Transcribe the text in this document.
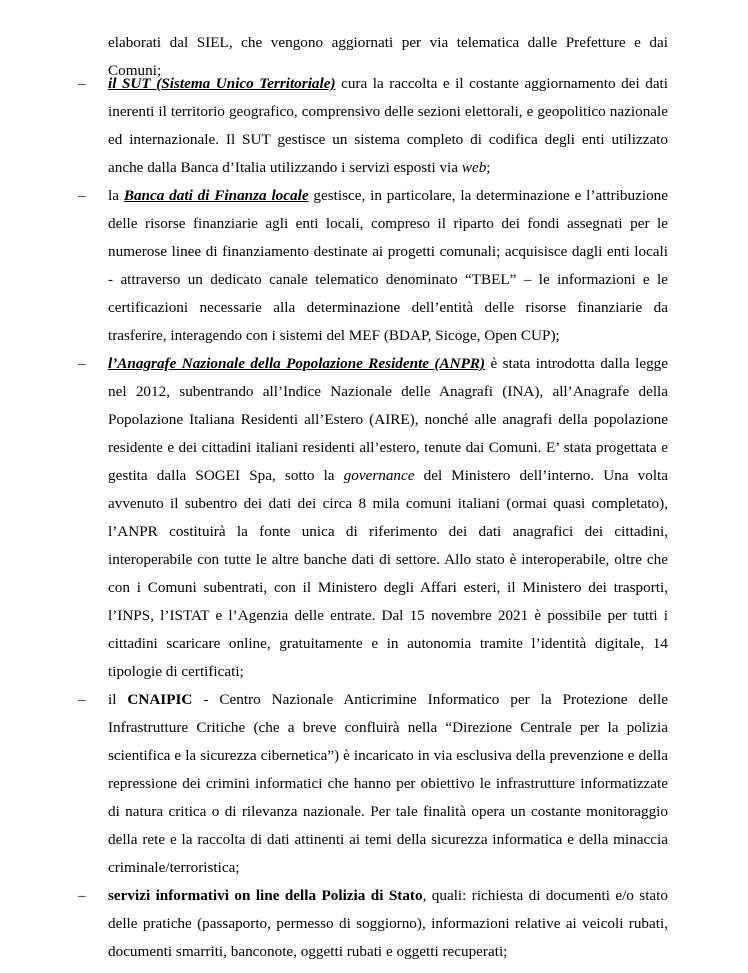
elaborati dal SIEL, che vengono aggiornati per via telematica dalle Prefetture e dai Comuni;

–	il SUT (Sistema Unico Territoriale) cura la raccolta e il costante aggiornamento dei dati inerenti il territorio geografico, comprensivo delle sezioni elettorali, e geopolitico nazionale ed internazionale. Il SUT gestisce un sistema completo di codifica degli enti utilizzato anche dalla Banca d’Italia utilizzando i servizi esposti via web;
–	la Banca dati di Finanza locale gestisce, in particolare, la determinazione e l’attribuzione delle risorse finanziarie agli enti locali, compreso il riparto dei fondi assegnati per le numerose linee di finanziamento destinate ai progetti comunali; acquisisce dagli enti locali - attraverso un dedicato canale telematico denominato “TBEL” – le informazioni e le certificazioni necessarie alla determinazione dell’entità delle risorse finanziarie da trasferire, interagendo con i sistemi del MEF (BDAP, Sicoge, Open CUP);
–	l’Anagrafe Nazionale della Popolazione Residente (ANPR) è stata introdotta dalla legge nel 2012, subentrando all’Indice Nazionale delle Anagrafi (INA), all’Anagrafe della Popolazione Italiana Residenti all’Estero (AIRE), nonché alle anagrafi della popolazione residente e dei cittadini italiani residenti all’estero, tenute dai Comuni. E’ stata progettata e gestita dalla SOGEI Spa, sotto la governance del Ministero dell’interno. Una volta avvenuto il subentro dei dati dei circa 8 mila comuni italiani (ormai quasi completato), l’ANPR costituirà la fonte unica di riferimento dei dati anagrafici dei cittadini, interoperabile con tutte le altre banche dati di settore. Allo stato è interoperabile, oltre che con i Comuni subentrati, con il Ministero degli Affari esteri, il Ministero dei trasporti, l’INPS, l’ISTAT e l’Agenzia delle entrate. Dal 15 novembre 2021 è possibile per tutti i cittadini scaricare online, gratuitamente e in autonomia tramite l’identità digitale, 14 tipologie di certificati;
–	il CNAIPIC - Centro Nazionale Anticrimine Informatico per la Protezione delle Infrastrutture Critiche (che a breve confluirà nella “Direzione Centrale per la polizia scientifica e la sicurezza cibernetica”) è incaricato in via esclusiva della prevenzione e della repressione dei crimini informatici che hanno per obiettivo le infrastrutture informatizzate di natura critica o di rilevanza nazionale. Per tale finalità opera un costante monitoraggio della rete e la raccolta di dati attinenti ai temi della sicurezza informatica e della minaccia criminale/terroristica;
–	servizi informativi on line della Polizia di Stato, quali: richiesta di documenti e/o stato delle pratiche (passaporto, permesso di soggiorno), informazioni relative ai veicoli rubati, documenti smarriti, banconote, oggetti rubati e oggetti recuperati;
